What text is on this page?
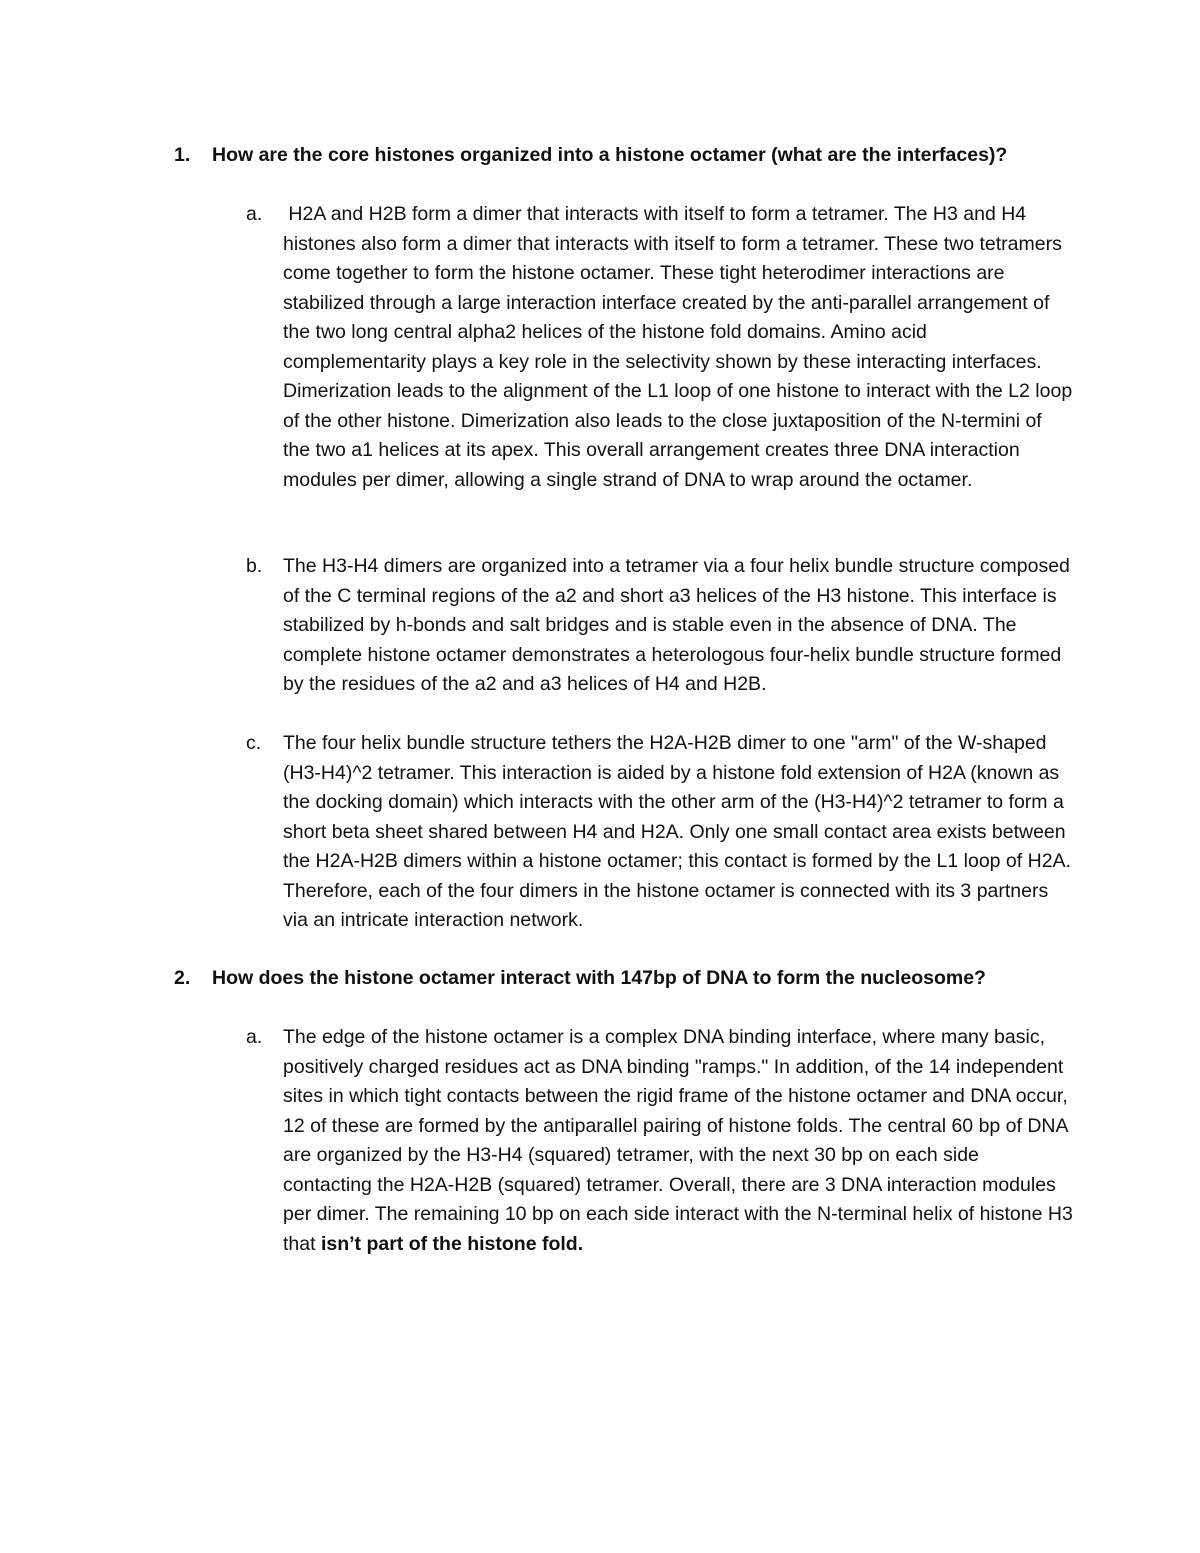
1. How are the core histones organized into a histone octamer (what are the interfaces)?
a. H2A and H2B form a dimer that interacts with itself to form a tetramer. The H3 and H4 histones also form a dimer that interacts with itself to form a tetramer. These two tetramers come together to form the histone octamer. These tight heterodimer interactions are stabilized through a large interaction interface created by the anti-parallel arrangement of the two long central alpha2 helices of the histone fold domains. Amino acid complementarity plays a key role in the selectivity shown by these interacting interfaces. Dimerization leads to the alignment of the L1 loop of one histone to interact with the L2 loop of the other histone. Dimerization also leads to the close juxtaposition of the N-termini of the two a1 helices at its apex. This overall arrangement creates three DNA interaction modules per dimer, allowing a single strand of DNA to wrap around the octamer.
b. The H3-H4 dimers are organized into a tetramer via a four helix bundle structure composed of the C terminal regions of the a2 and short a3 helices of the H3 histone. This interface is stabilized by h-bonds and salt bridges and is stable even in the absence of DNA. The complete histone octamer demonstrates a heterologous four-helix bundle structure formed by the residues of the a2 and a3 helices of H4 and H2B.
c. The four helix bundle structure tethers the H2A-H2B dimer to one "arm" of the W-shaped (H3-H4)^2 tetramer. This interaction is aided by a histone fold extension of H2A (known as the docking domain) which interacts with the other arm of the (H3-H4)^2 tetramer to form a short beta sheet shared between H4 and H2A. Only one small contact area exists between the H2A-H2B dimers within a histone octamer; this contact is formed by the L1 loop of H2A. Therefore, each of the four dimers in the histone octamer is connected with its 3 partners via an intricate interaction network.
2. How does the histone octamer interact with 147bp of DNA to form the nucleosome?
a. The edge of the histone octamer is a complex DNA binding interface, where many basic, positively charged residues act as DNA binding "ramps." In addition, of the 14 independent sites in which tight contacts between the rigid frame of the histone octamer and DNA occur, 12 of these are formed by the antiparallel pairing of histone folds. The central 60 bp of DNA are organized by the H3-H4 (squared) tetramer, with the next 30 bp on each side contacting the H2A-H2B (squared) tetramer. Overall, there are 3 DNA interaction modules per dimer. The remaining 10 bp on each side interact with the N-terminal helix of histone H3 that isn’t part of the histone fold.
